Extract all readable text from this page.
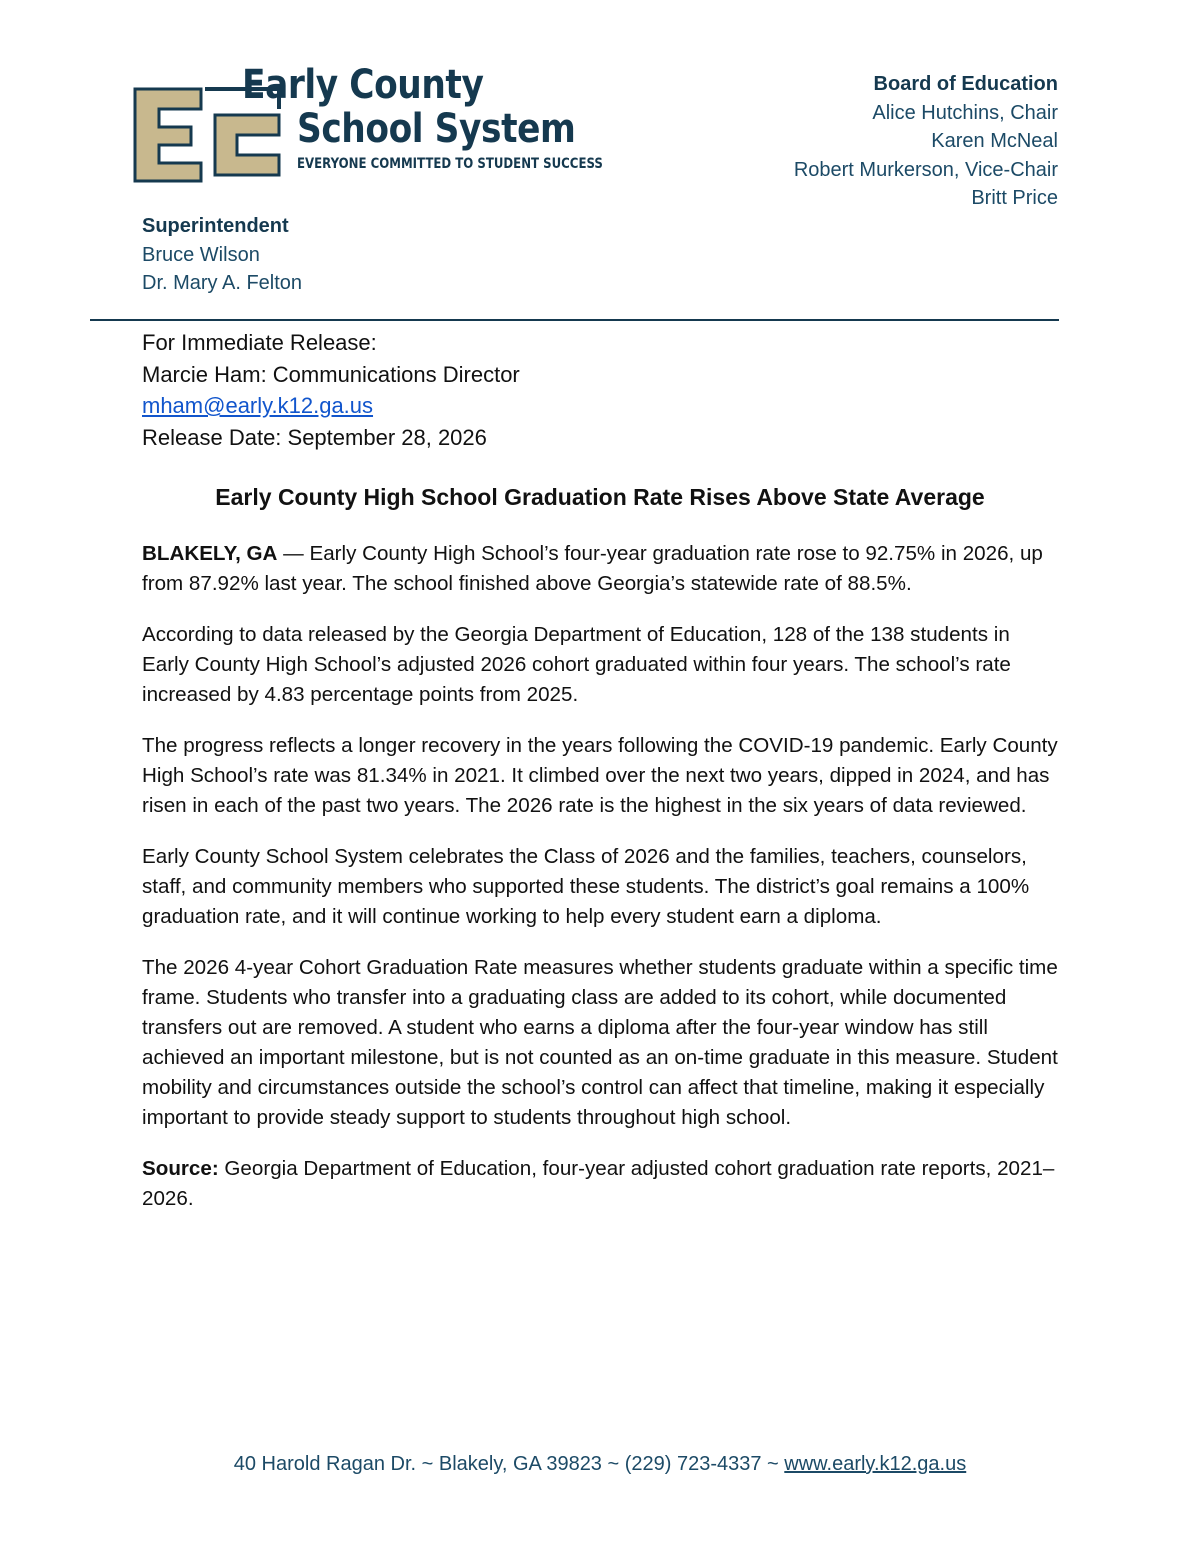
Early County
School System
EVERYONE COMMITTED TO STUDENT SUCCESS
Board of Education
Alice Hutchins, Chair
Karen McNeal
Robert Murkerson, Vice-Chair
Britt Price
Superintendent
Bruce Wilson
Dr. Mary A. Felton
For Immediate Release:
Marcie Ham: Communications Director
mham@early.k12.ga.us
Release Date: September 28, 2026
Early County High School Graduation Rate Rises Above State Average

BLAKELY, GA — Early County High School’s four-year graduation rate rose to 92.75% in 2026, up from 87.92% last year. The school finished above Georgia’s statewide rate of 88.5%.

According to data released by the Georgia Department of Education, 128 of the 138 students in Early County High School’s adjusted 2026 cohort graduated within four years. The school’s rate increased by 4.83 percentage points from 2025.

The progress reflects a longer recovery in the years following the COVID-19 pandemic. Early County High School’s rate was 81.34% in 2021. It climbed over the next two years, dipped in 2024, and has risen in each of the past two years. The 2026 rate is the highest in the six years of data reviewed.

Early County School System celebrates the Class of 2026 and the families, teachers, counselors, staff, and community members who supported these students. The district’s goal remains a 100% graduation rate, and it will continue working to help every student earn a diploma.

The 2026 4-year Cohort Graduation Rate measures whether students graduate within a specific time frame. Students who transfer into a graduating class are added to its cohort, while documented transfers out are removed. A student who earns a diploma after the four-year window has still achieved an important milestone, but is not counted as an on-time graduate in this measure. Student mobility and circumstances outside the school’s control can affect that timeline, making it especially important to provide steady support to students throughout high school.

Source: Georgia Department of Education, four-year adjusted cohort graduation rate reports, 2021–2026.

40 Harold Ragan Dr. ~ Blakely, GA 39823 ~ (229) 723-4337 ~ www.early.k12.ga.us
